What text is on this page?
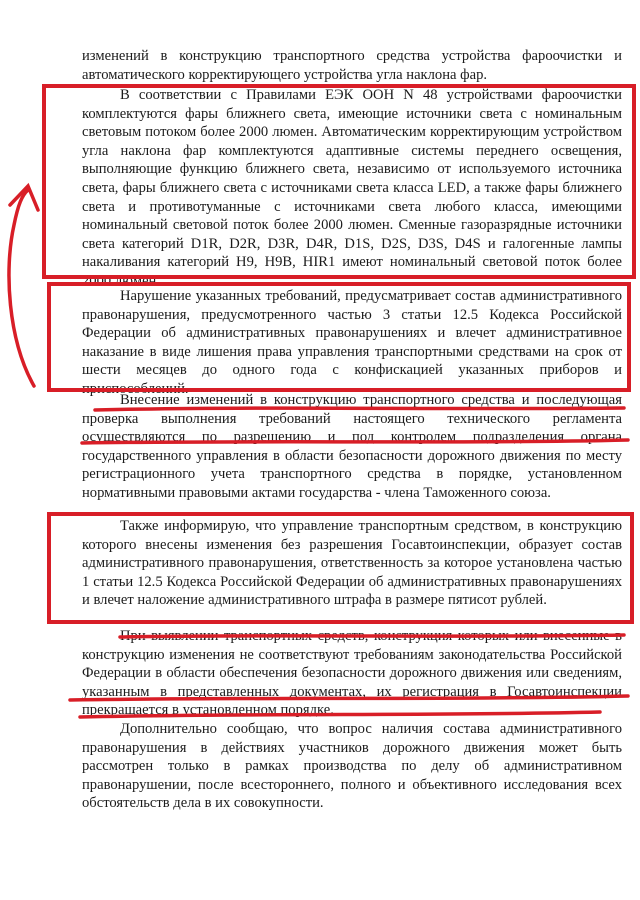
изменений в конструкцию транспортного средства устройства фароочистки и автоматического корректирующего устройства угла наклона фар.

В соответствии с Правилами ЕЭК ООН N 48 устройствами фароочистки комплектуются фары ближнего света, имеющие источники света с номинальным световым потоком более 2000 люмен. Автоматическим корректирующим устройством угла наклона фар комплектуются адаптивные системы переднего освещения, выполняющие функцию ближнего света, независимо от используемого источника света, фары ближнего света с источниками света класса LED, а также фары ближнего света и противотуманные с источниками света любого класса, имеющими номинальный световой поток более 2000 люмен. Сменные газоразрядные источники света категорий D1R, D2R, D3R, D4R, D1S, D2S, D3S, D4S и галогенные лампы накаливания категорий H9, H9B, HIR1 имеют номинальный световой поток более 2000 люмен.

Нарушение указанных требований, предусматривает состав административного правонарушения, предусмотренного частью 3 статьи 12.5 Кодекса Российской Федерации об административных правонарушениях и влечет административное наказание в виде лишения права управления транспортными средствами на срок от шести месяцев до одного года с конфискацией указанных приборов и приспособлений.

Внесение изменений в конструкцию транспортного средства и последующая проверка выполнения требований настоящего технического регламента осуществляются по разрешению и под контролем подразделения органа государственного управления в области безопасности дорожного движения по месту регистрационного учета транспортного средства в порядке, установленном нормативными правовыми актами государства - члена Таможенного союза.

Также информирую, что управление транспортным средством, в конструкцию которого внесены изменения без разрешения Госавтоинспекции, образует состав административного правонарушения, ответственность за которое установлена частью 1 статьи 12.5 Кодекса Российской Федерации об административных правонарушениях и влечет наложение административного штрафа в размере пятисот рублей.

При выявлении транспортных средств, конструкция которых или внесенные в конструкцию изменения не соответствуют требованиям законодательства Российской Федерации в области обеспечения безопасности дорожного движения или сведениям, указанным в представленных документах, их регистрация в Госавтоинспекции прекращается в установленном порядке.

Дополнительно сообщаю, что вопрос наличия состава административного правонарушения в действиях участников дорожного движения может быть рассмотрен только в рамках производства по делу об административном правонарушении, после всестороннего, полного и объективного исследования всех обстоятельств дела в их совокупности.
